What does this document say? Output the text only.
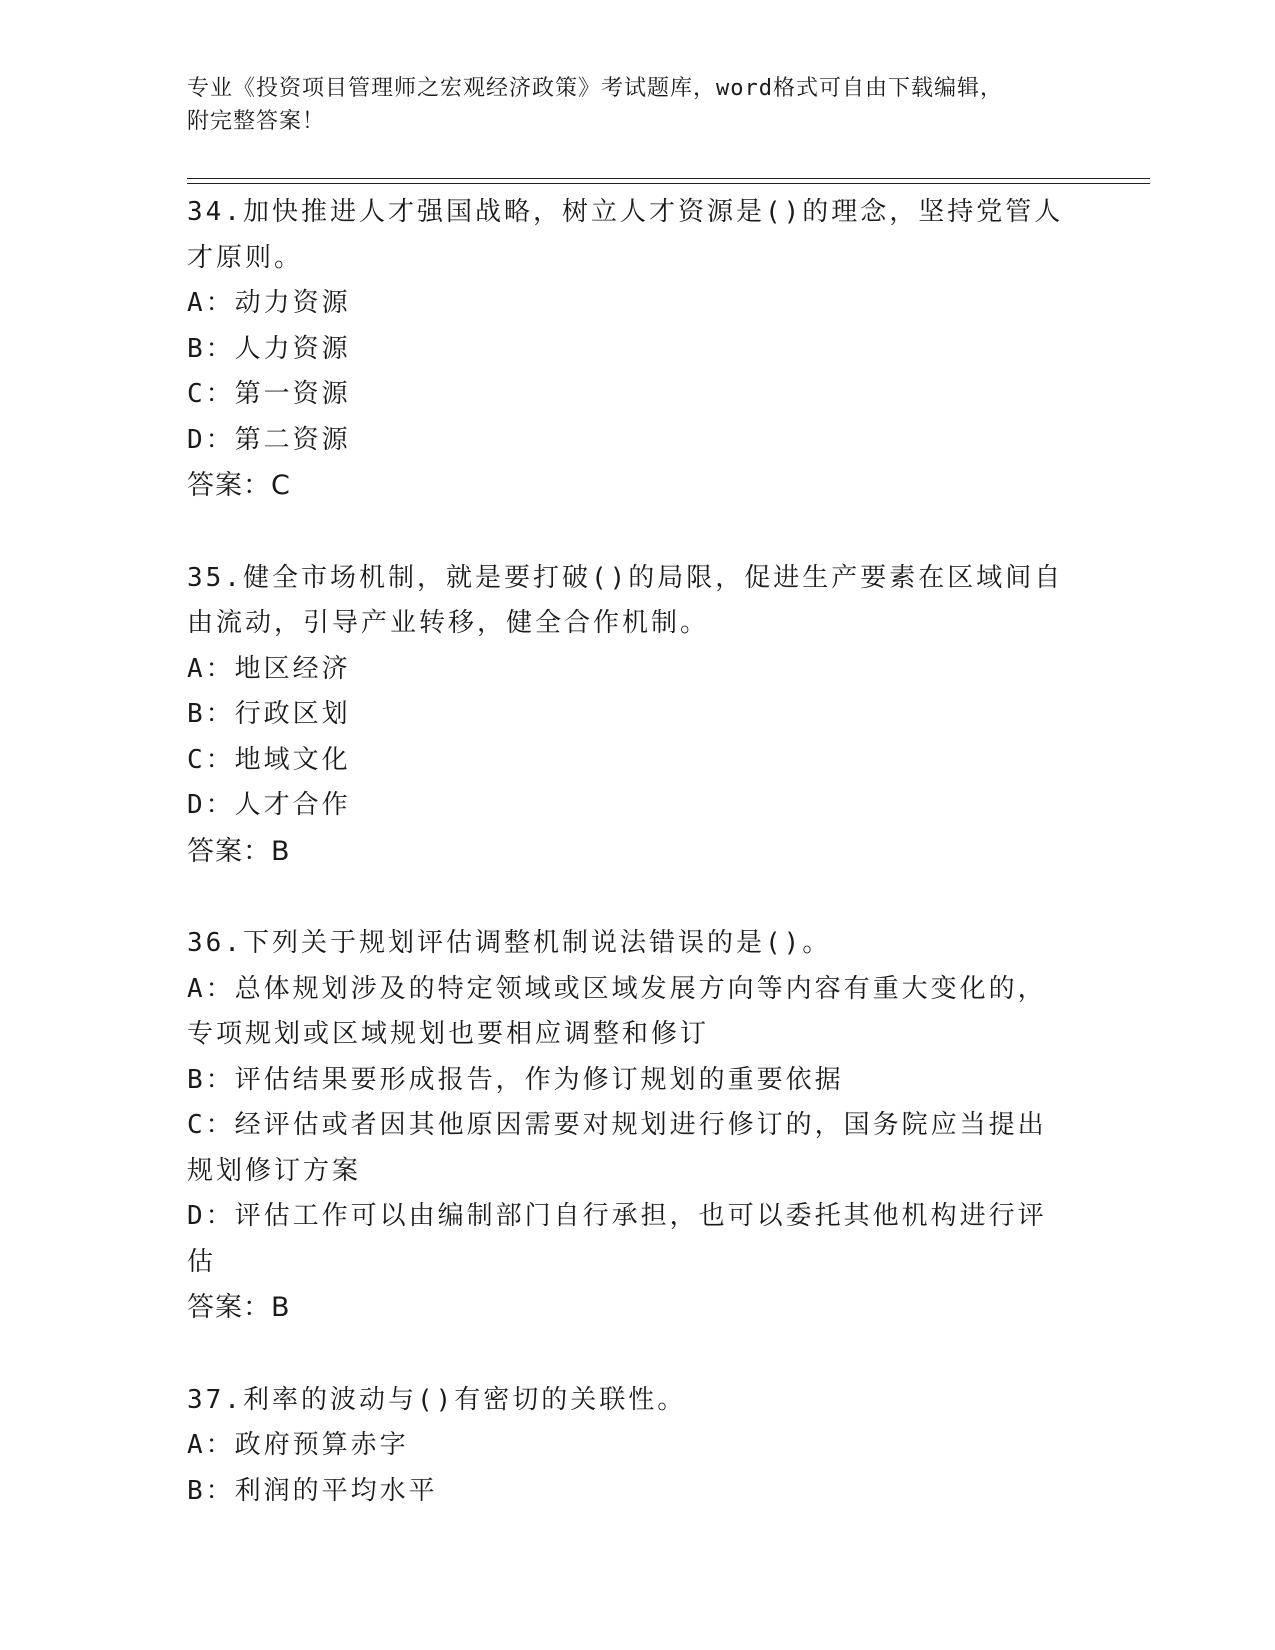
专业《投资项目管理师之宏观经济政策》考试题库，word格式可自由下载编辑，
附完整答案！
34.加快推进人才强国战略，树立人才资源是()的理念，坚持党管人才原则。
A：动力资源
B：人力资源
C：第一资源
D：第二资源
答案：C
35.健全市场机制，就是要打破()的局限，促进生产要素在区域间自由流动，引导产业转移，健全合作机制。
A：地区经济
B：行政区划
C：地域文化
D：人才合作
答案：B
36.下列关于规划评估调整机制说法错误的是()。
A：总体规划涉及的特定领域或区域发展方向等内容有重大变化的，专项规划或区域规划也要相应调整和修订
B：评估结果要形成报告，作为修订规划的重要依据
C：经评估或者因其他原因需要对规划进行修订的，国务院应当提出规划修订方案
D：评估工作可以由编制部门自行承担，也可以委托其他机构进行评估
答案：B
37.利率的波动与()有密切的关联性。
A：政府预算赤字
B：利润的平均水平
